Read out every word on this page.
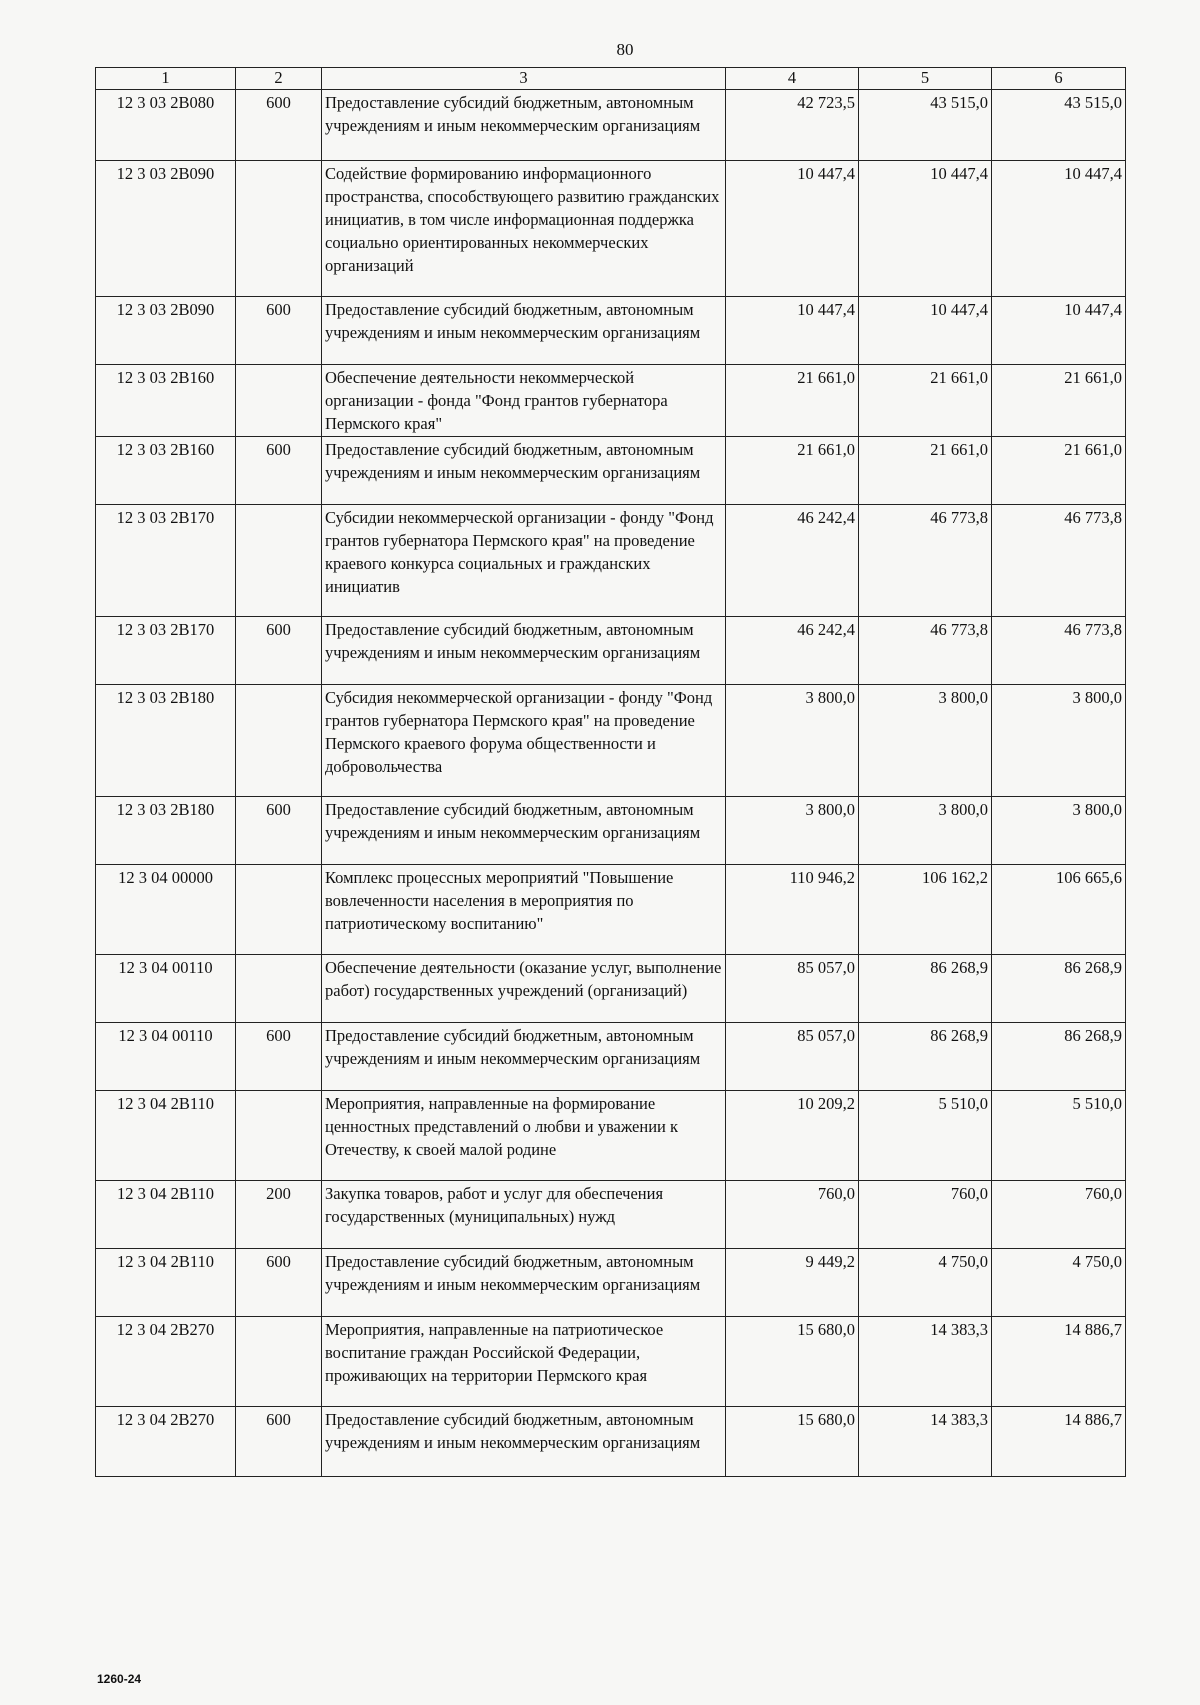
80
1	2	3	4	5	6
12 3 03 2B080	600	Предоставление субсидий бюджетным, автономным учреждениям и иным некоммерческим организациям	42 723,5	43 515,0	43 515,0
12 3 03 2B090		Содействие формированию информационного пространства, способствующего развитию гражданских инициатив, в том числе информационная поддержка социально ориентированных некоммерческих организаций	10 447,4	10 447,4	10 447,4
12 3 03 2B090	600	Предоставление субсидий бюджетным, автономным учреждениям и иным некоммерческим организациям	10 447,4	10 447,4	10 447,4
12 3 03 2B160		Обеспечение деятельности некоммерческой организации - фонда "Фонд грантов губернатора Пермского края"	21 661,0	21 661,0	21 661,0
12 3 03 2B160	600	Предоставление субсидий бюджетным, автономным учреждениям и иным некоммерческим организациям	21 661,0	21 661,0	21 661,0
12 3 03 2B170		Субсидии некоммерческой организации - фонду "Фонд грантов губернатора Пермского края" на проведение краевого конкурса социальных и гражданских инициатив	46 242,4	46 773,8	46 773,8
12 3 03 2B170	600	Предоставление субсидий бюджетным, автономным учреждениям и иным некоммерческим организациям	46 242,4	46 773,8	46 773,8
12 3 03 2B180		Субсидия некоммерческой организации - фонду "Фонд грантов губернатора Пермского края" на проведение Пермского краевого форума общественности и добровольчества	3 800,0	3 800,0	3 800,0
12 3 03 2B180	600	Предоставление субсидий бюджетным, автономным учреждениям и иным некоммерческим организациям	3 800,0	3 800,0	3 800,0
12 3 04 00000		Комплекс процессных мероприятий "Повышение вовлеченности населения в мероприятия по патриотическому воспитанию"	110 946,2	106 162,2	106 665,6
12 3 04 00110		Обеспечение деятельности (оказание услуг, выполнение работ) государственных учреждений (организаций)	85 057,0	86 268,9	86 268,9
12 3 04 00110	600	Предоставление субсидий бюджетным, автономным учреждениям и иным некоммерческим организациям	85 057,0	86 268,9	86 268,9
12 3 04 2B110		Мероприятия, направленные на формирование ценностных представлений о любви и уважении к Отечеству, к своей малой родине	10 209,2	5 510,0	5 510,0
12 3 04 2B110	200	Закупка товаров, работ и услуг для обеспечения государственных (муниципальных) нужд	760,0	760,0	760,0
12 3 04 2B110	600	Предоставление субсидий бюджетным, автономным учреждениям и иным некоммерческим организациям	9 449,2	4 750,0	4 750,0
12 3 04 2B270		Мероприятия, направленные на патриотическое воспитание граждан Российской Федерации, проживающих на территории Пермского края	15 680,0	14 383,3	14 886,7
12 3 04 2B270	600	Предоставление субсидий бюджетным, автономным учреждениям и иным некоммерческим организациям	15 680,0	14 383,3	14 886,7
1260-24
